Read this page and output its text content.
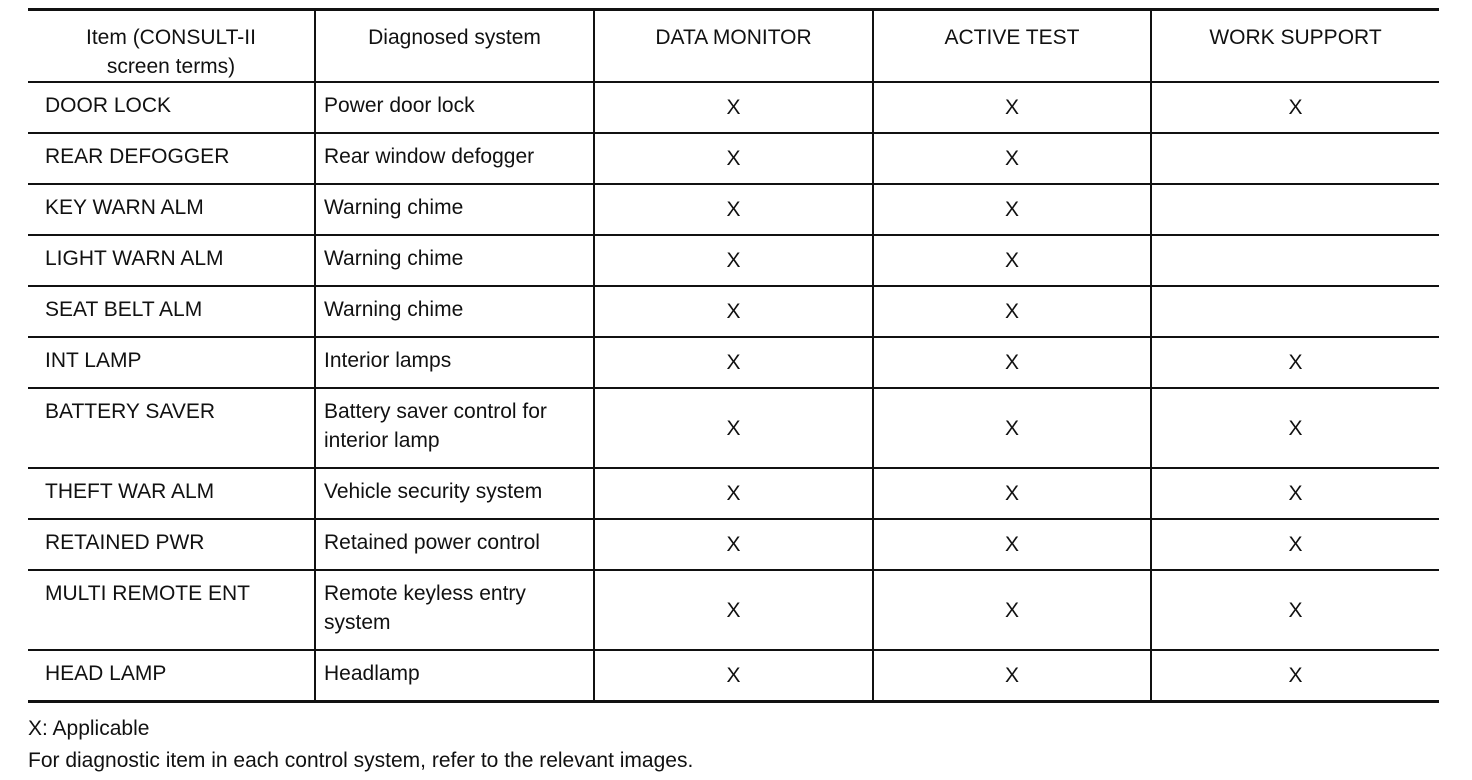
Item (CONSULT-II screen terms)	Diagnosed system	DATA MONITOR	ACTIVE TEST	WORK SUPPORT
DOOR LOCK	Power door lock	X	X	X
REAR DEFOGGER	Rear window defogger	X	X	
KEY WARN ALM	Warning chime	X	X	
LIGHT WARN ALM	Warning chime	X	X	
SEAT BELT ALM	Warning chime	X	X	
INT LAMP	Interior lamps	X	X	X
BATTERY SAVER	Battery saver control for interior lamp	X	X	X
THEFT WAR ALM	Vehicle security system	X	X	X
RETAINED PWR	Retained power control	X	X	X
MULTI REMOTE ENT	Remote keyless entry system	X	X	X
HEAD LAMP	Headlamp	X	X	X
X: Applicable
For diagnostic item in each control system, refer to the relevant images.
